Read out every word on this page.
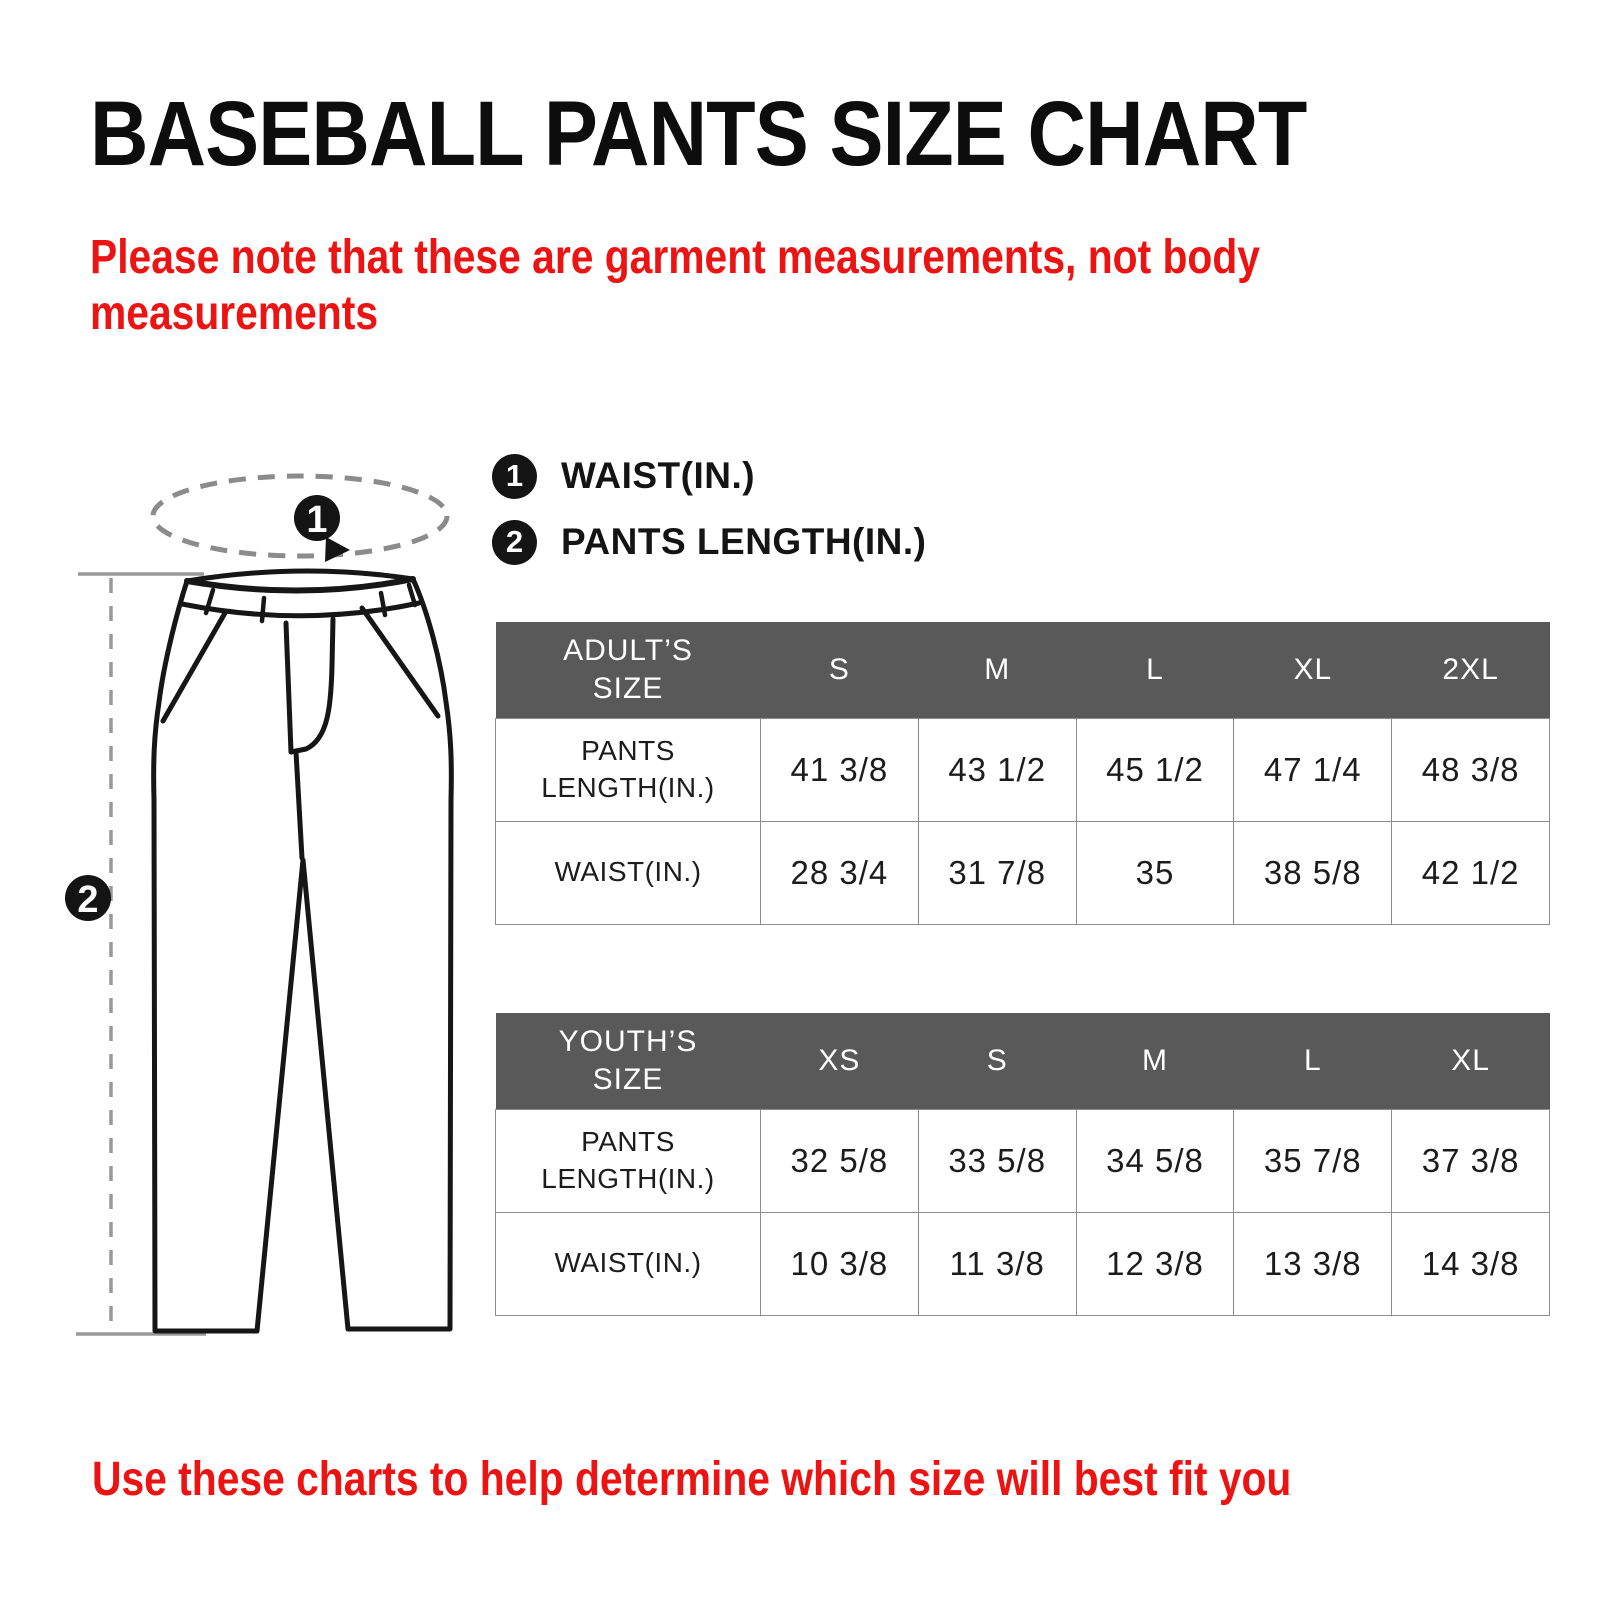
BASEBALL PANTS SIZE CHART

Please note that these are garment measurements, not body measurements

1
2
1 WAIST(IN.)
2 PANTS LENGTH(IN.)
ADULT’S SIZE	S	M	L	XL	2XL
PANTS LENGTH(IN.)	41 3/8	43 1/2	45 1/2	47 1/4	48 3/8
WAIST(IN.)	28 3/4	31 7/8	35	38 5/8	42 1/2
YOUTH’S SIZE	XS	S	M	L	XL
PANTS LENGTH(IN.)	32 5/8	33 5/8	34 5/8	35 7/8	37 3/8
WAIST(IN.)	10 3/8	11 3/8	12 3/8	13 3/8	14 3/8

Use these charts to help determine which size will best fit you
